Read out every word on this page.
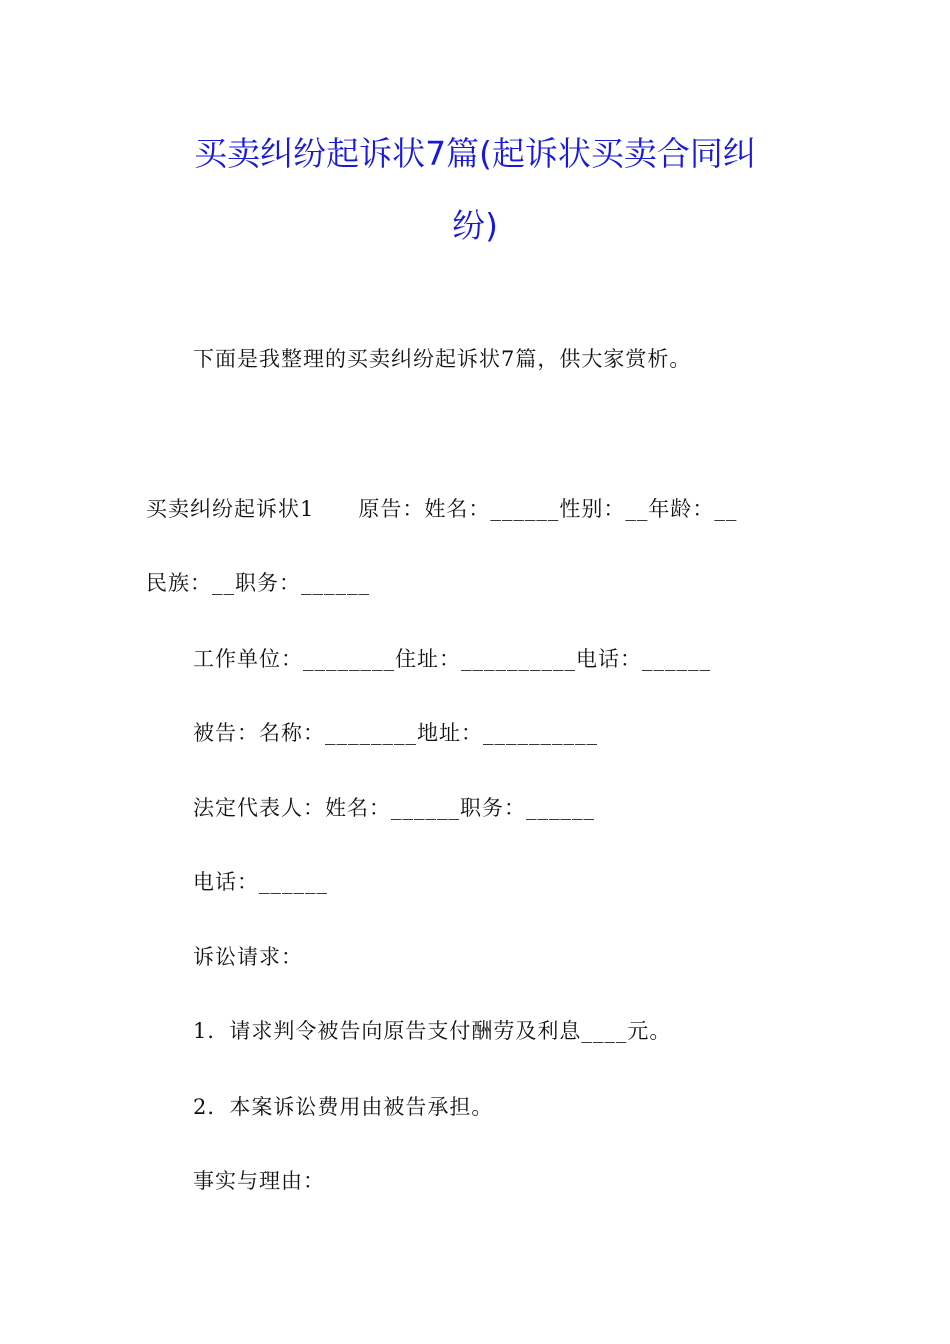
买卖纠纷起诉状7篇(起诉状买卖合同纠
纷)
下面是我整理的买卖纠纷起诉状7篇，供大家赏析。
买卖纠纷起诉状1　　原告：姓名：______性别：__年龄：__
民族：__职务：______
工作单位：________住址：__________电话：______
被告：名称：________地址：__________
法定代表人：姓名：______职务：______
电话：______
诉讼请求：
1．请求判令被告向原告支付酬劳及利息____元。
2．本案诉讼费用由被告承担。
事实与理由：
